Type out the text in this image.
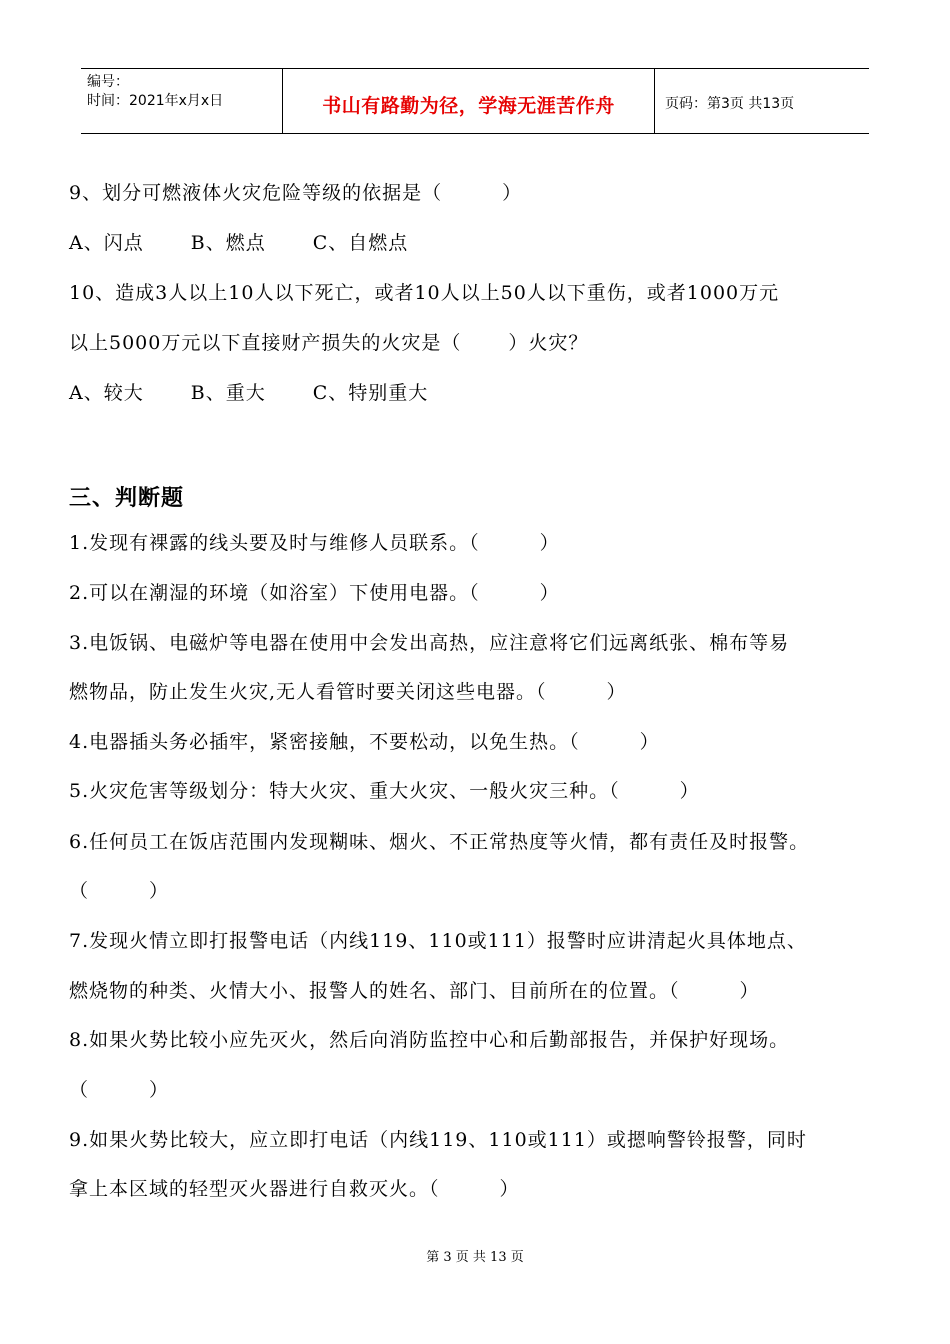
编号：
时间：2021年x月x日	书山有路勤为径，学海无涯苦作舟	页码：第3页 共13页
9、划分可燃液体火灾危险等级的依据是（　　　）
A、闪点　　 B、燃点　　 C、自燃点
10、造成3人以上10人以下死亡，或者10人以上50人以下重伤，或者1000万元
以上5000万元以下直接财产损失的火灾是（　　 ）火灾？
A、较大　　 B、重大　　 C、特别重大
三、判断题
1.发现有裸露的线头要及时与维修人员联系。（　　　）
2.可以在潮湿的环境（如浴室）下使用电器。（　　　）
3.电饭锅、电磁炉等电器在使用中会发出高热，应注意将它们远离纸张、棉布等易
燃物品，防止发生火灾,无人看管时要关闭这些电器。（　　　）
4.电器插头务必插牢，紧密接触，不要松动，以免生热。（　　　）
5.火灾危害等级划分：特大火灾、重大火灾、一般火灾三种。（　　　）
6.任何员工在饭店范围内发现糊味、烟火、不正常热度等火情，都有责任及时报警。
（　　　）
7.发现火情立即打报警电话（内线119、110或111）报警时应讲清起火具体地点、
燃烧物的种类、火情大小、报警人的姓名、部门、目前所在的位置。（　　　）
8.如果火势比较小应先灭火，然后向消防监控中心和后勤部报告，并保护好现场。
（　　　）
9.如果火势比较大，应立即打电话（内线119、110或111）或摁响警铃报警，同时
拿上本区域的轻型灭火器进行自救灭火。（　　　）
第 3 页 共 13 页
